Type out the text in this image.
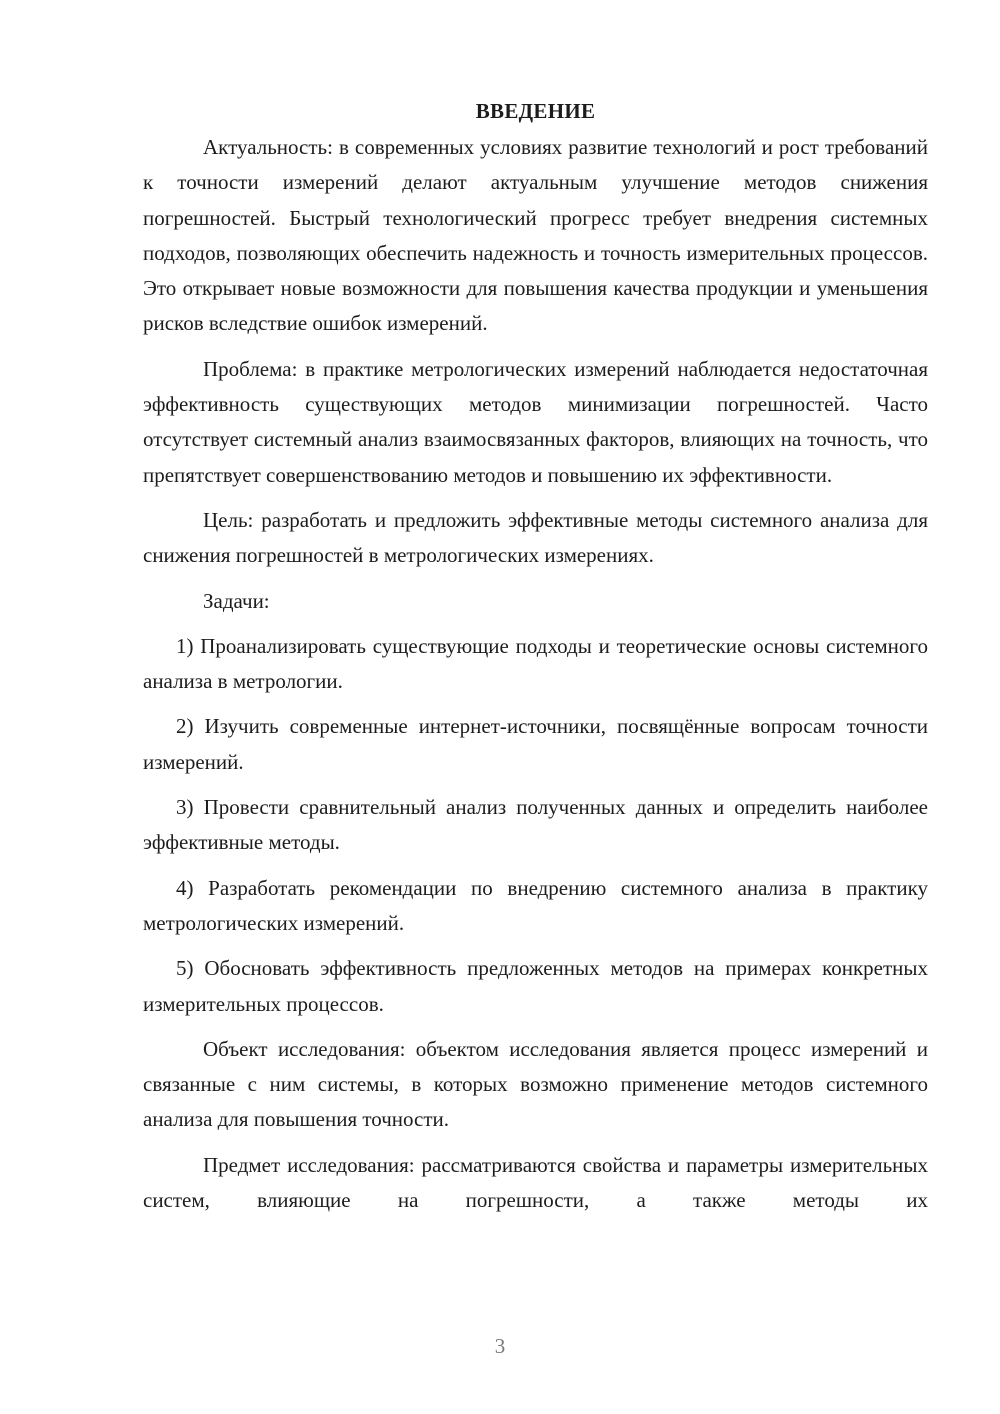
ВВЕДЕНИЕ

Актуальность: в современных условиях развитие технологий и рост требований к точности измерений делают актуальным улучшение методов снижения погрешностей. Быстрый технологический прогресс требует внедрения системных подходов, позволяющих обеспечить надежность и точность измерительных процессов. Это открывает новые возможности для повышения качества продукции и уменьшения рисков вследствие ошибок измерений.

Проблема: в практике метрологических измерений наблюдается недостаточная эффективность существующих методов минимизации погрешностей. Часто отсутствует системный анализ взаимосвязанных факторов, влияющих на точность, что препятствует совершенствованию методов и повышению их эффективности.

Цель: разработать и предложить эффективные методы системного анализа для снижения погрешностей в метрологических измерениях.

Задачи:

1) Проанализировать существующие подходы и теоретические основы системного анализа в метрологии.

2) Изучить современные интернет-источники, посвящённые вопросам точности измерений.

3) Провести сравнительный анализ полученных данных и определить наиболее эффективные методы.

4) Разработать рекомендации по внедрению системного анализа в практику метрологических измерений.

5) Обосновать эффективность предложенных методов на примерах конкретных измерительных процессов.

Объект исследования: объектом исследования является процесс измерений и связанные с ним системы, в которых возможно применение методов системного анализа для повышения точности.

Предмет исследования: рассматриваются свойства и параметры измерительных систем, влияющие на погрешности, а также методы их

3
